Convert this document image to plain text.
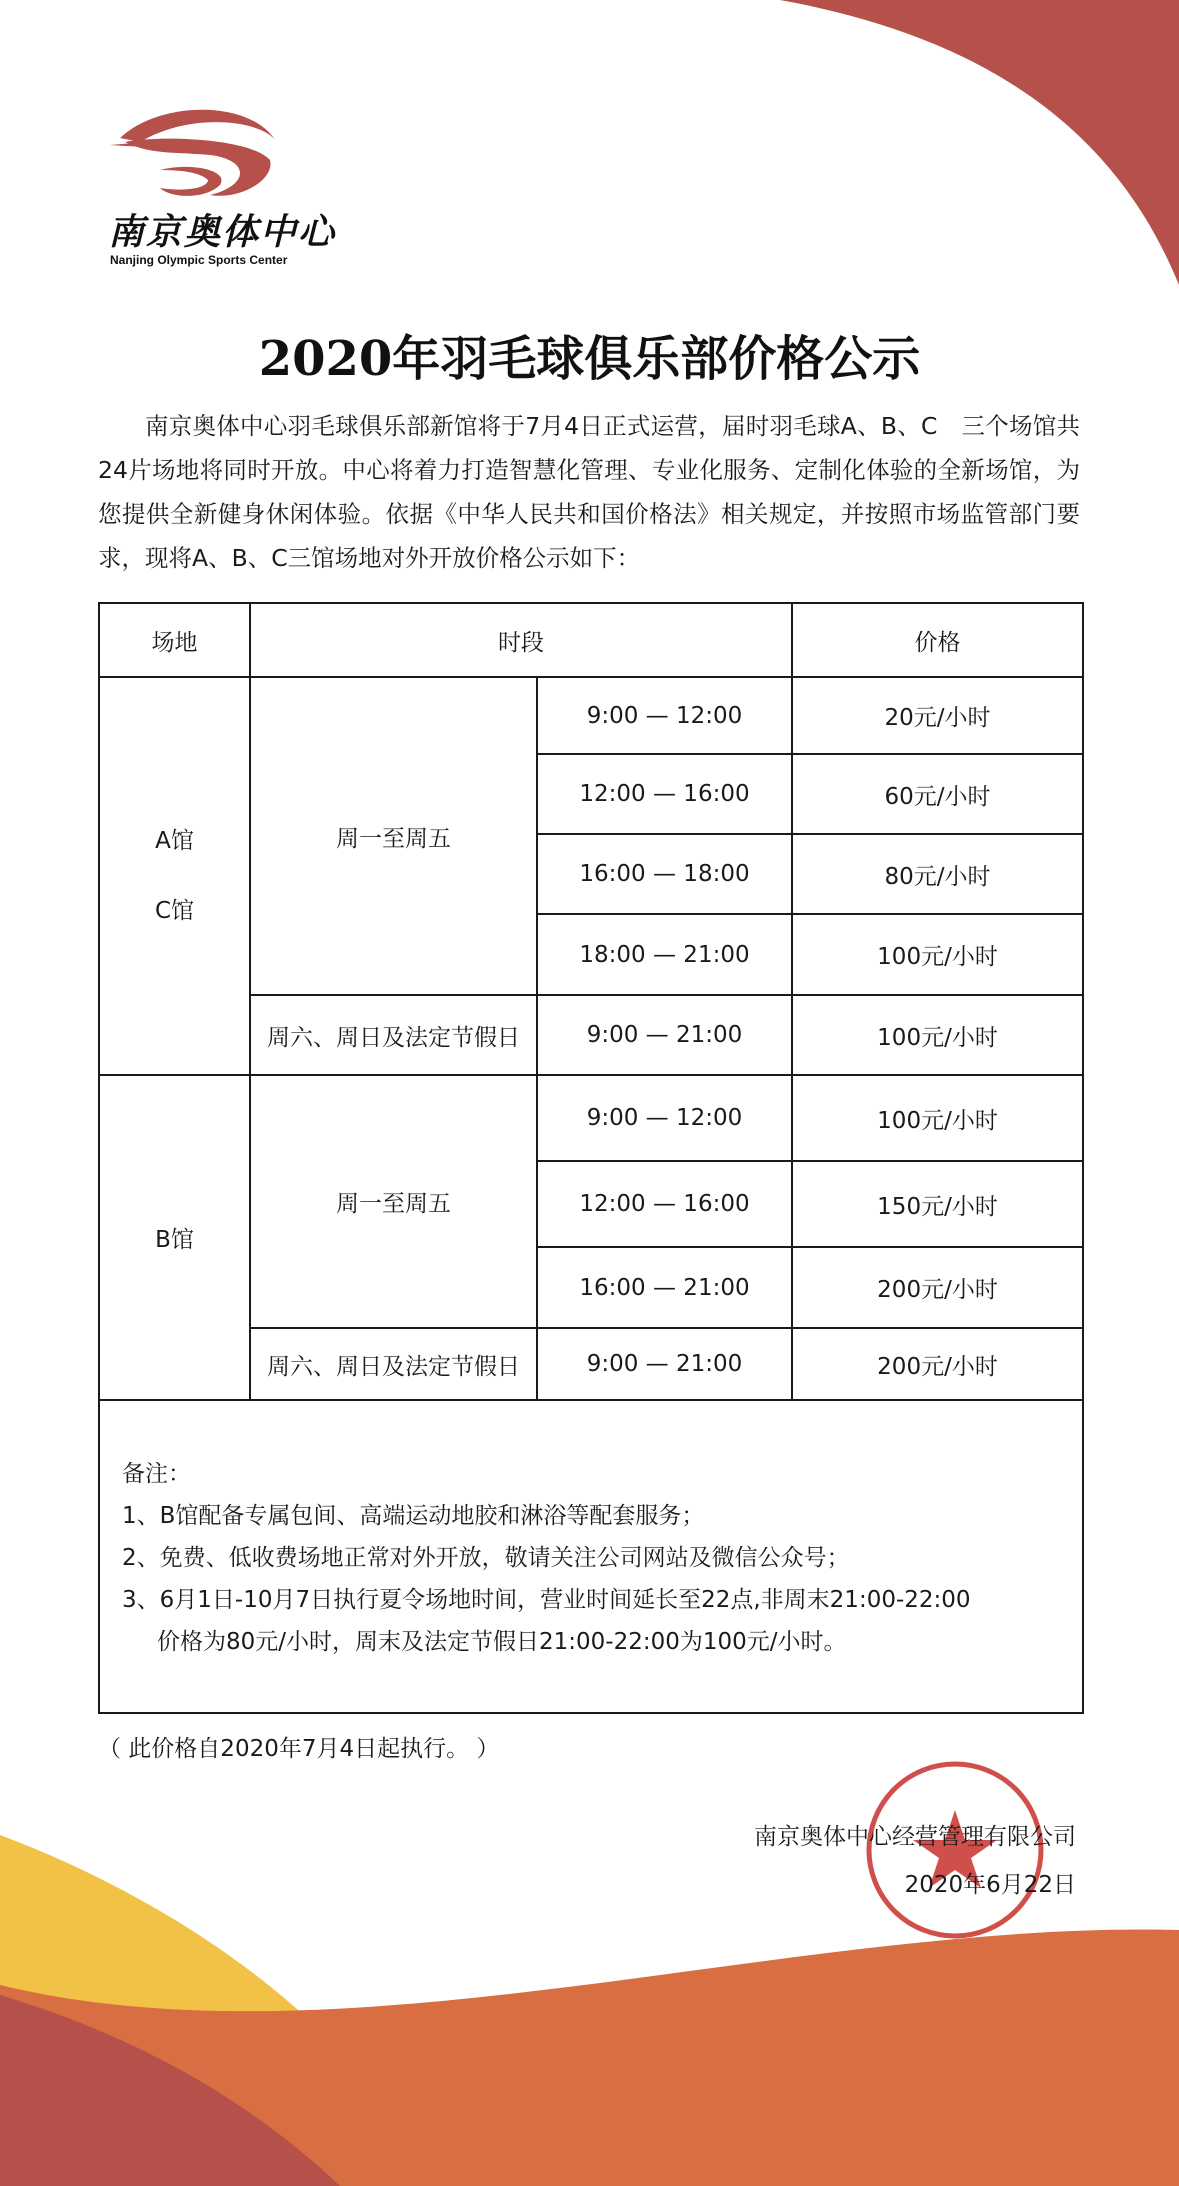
南京奥体中心
Nanjing Olympic Sports Center
2020年羽毛球俱乐部价格公示

南京奥体中心羽毛球俱乐部新馆将于7月4日正式运营，届时羽毛球A、B、C　三个场馆共24片场地将同时开放。中心将着力打造智慧化管理、专业化服务、定制化体验的全新场馆，为您提供全新健身休闲体验。依据《中华人民共和国价格法》相关规定，并按照市场监管部门要求，现将A、B、C三馆场地对外开放价格公示如下：

场地	时段		价格

A馆
C馆	周一至周五	9:00 — 12:00	20元/小时
		12:00 — 16:00	60元/小时
		16:00 — 18:00	80元/小时
		18:00 — 21:00	100元/小时
	周六、周日及法定节假日	9:00 — 21:00	100元/小时
B馆	周一至周五	9:00 — 12:00	100元/小时
		12:00 — 16:00	150元/小时
		16:00 — 21:00	200元/小时
	周六、周日及法定节假日	9:00 — 21:00	200元/小时

备注：
1、B馆配备专属包间、高端运动地胶和淋浴等配套服务；
2、免费、低收费场地正常对外开放，敬请关注公司网站及微信公众号；
3、6月1日-10月7日执行夏令场地时间，营业时间延长至22点,非周末21:00-22:00
价格为80元/小时，周末及法定节假日21:00-22:00为100元/小时。			
（ 此价格自2020年7月4日起执行。 ）
南京奥体中心经营管理有限公司
2020年6月22日
